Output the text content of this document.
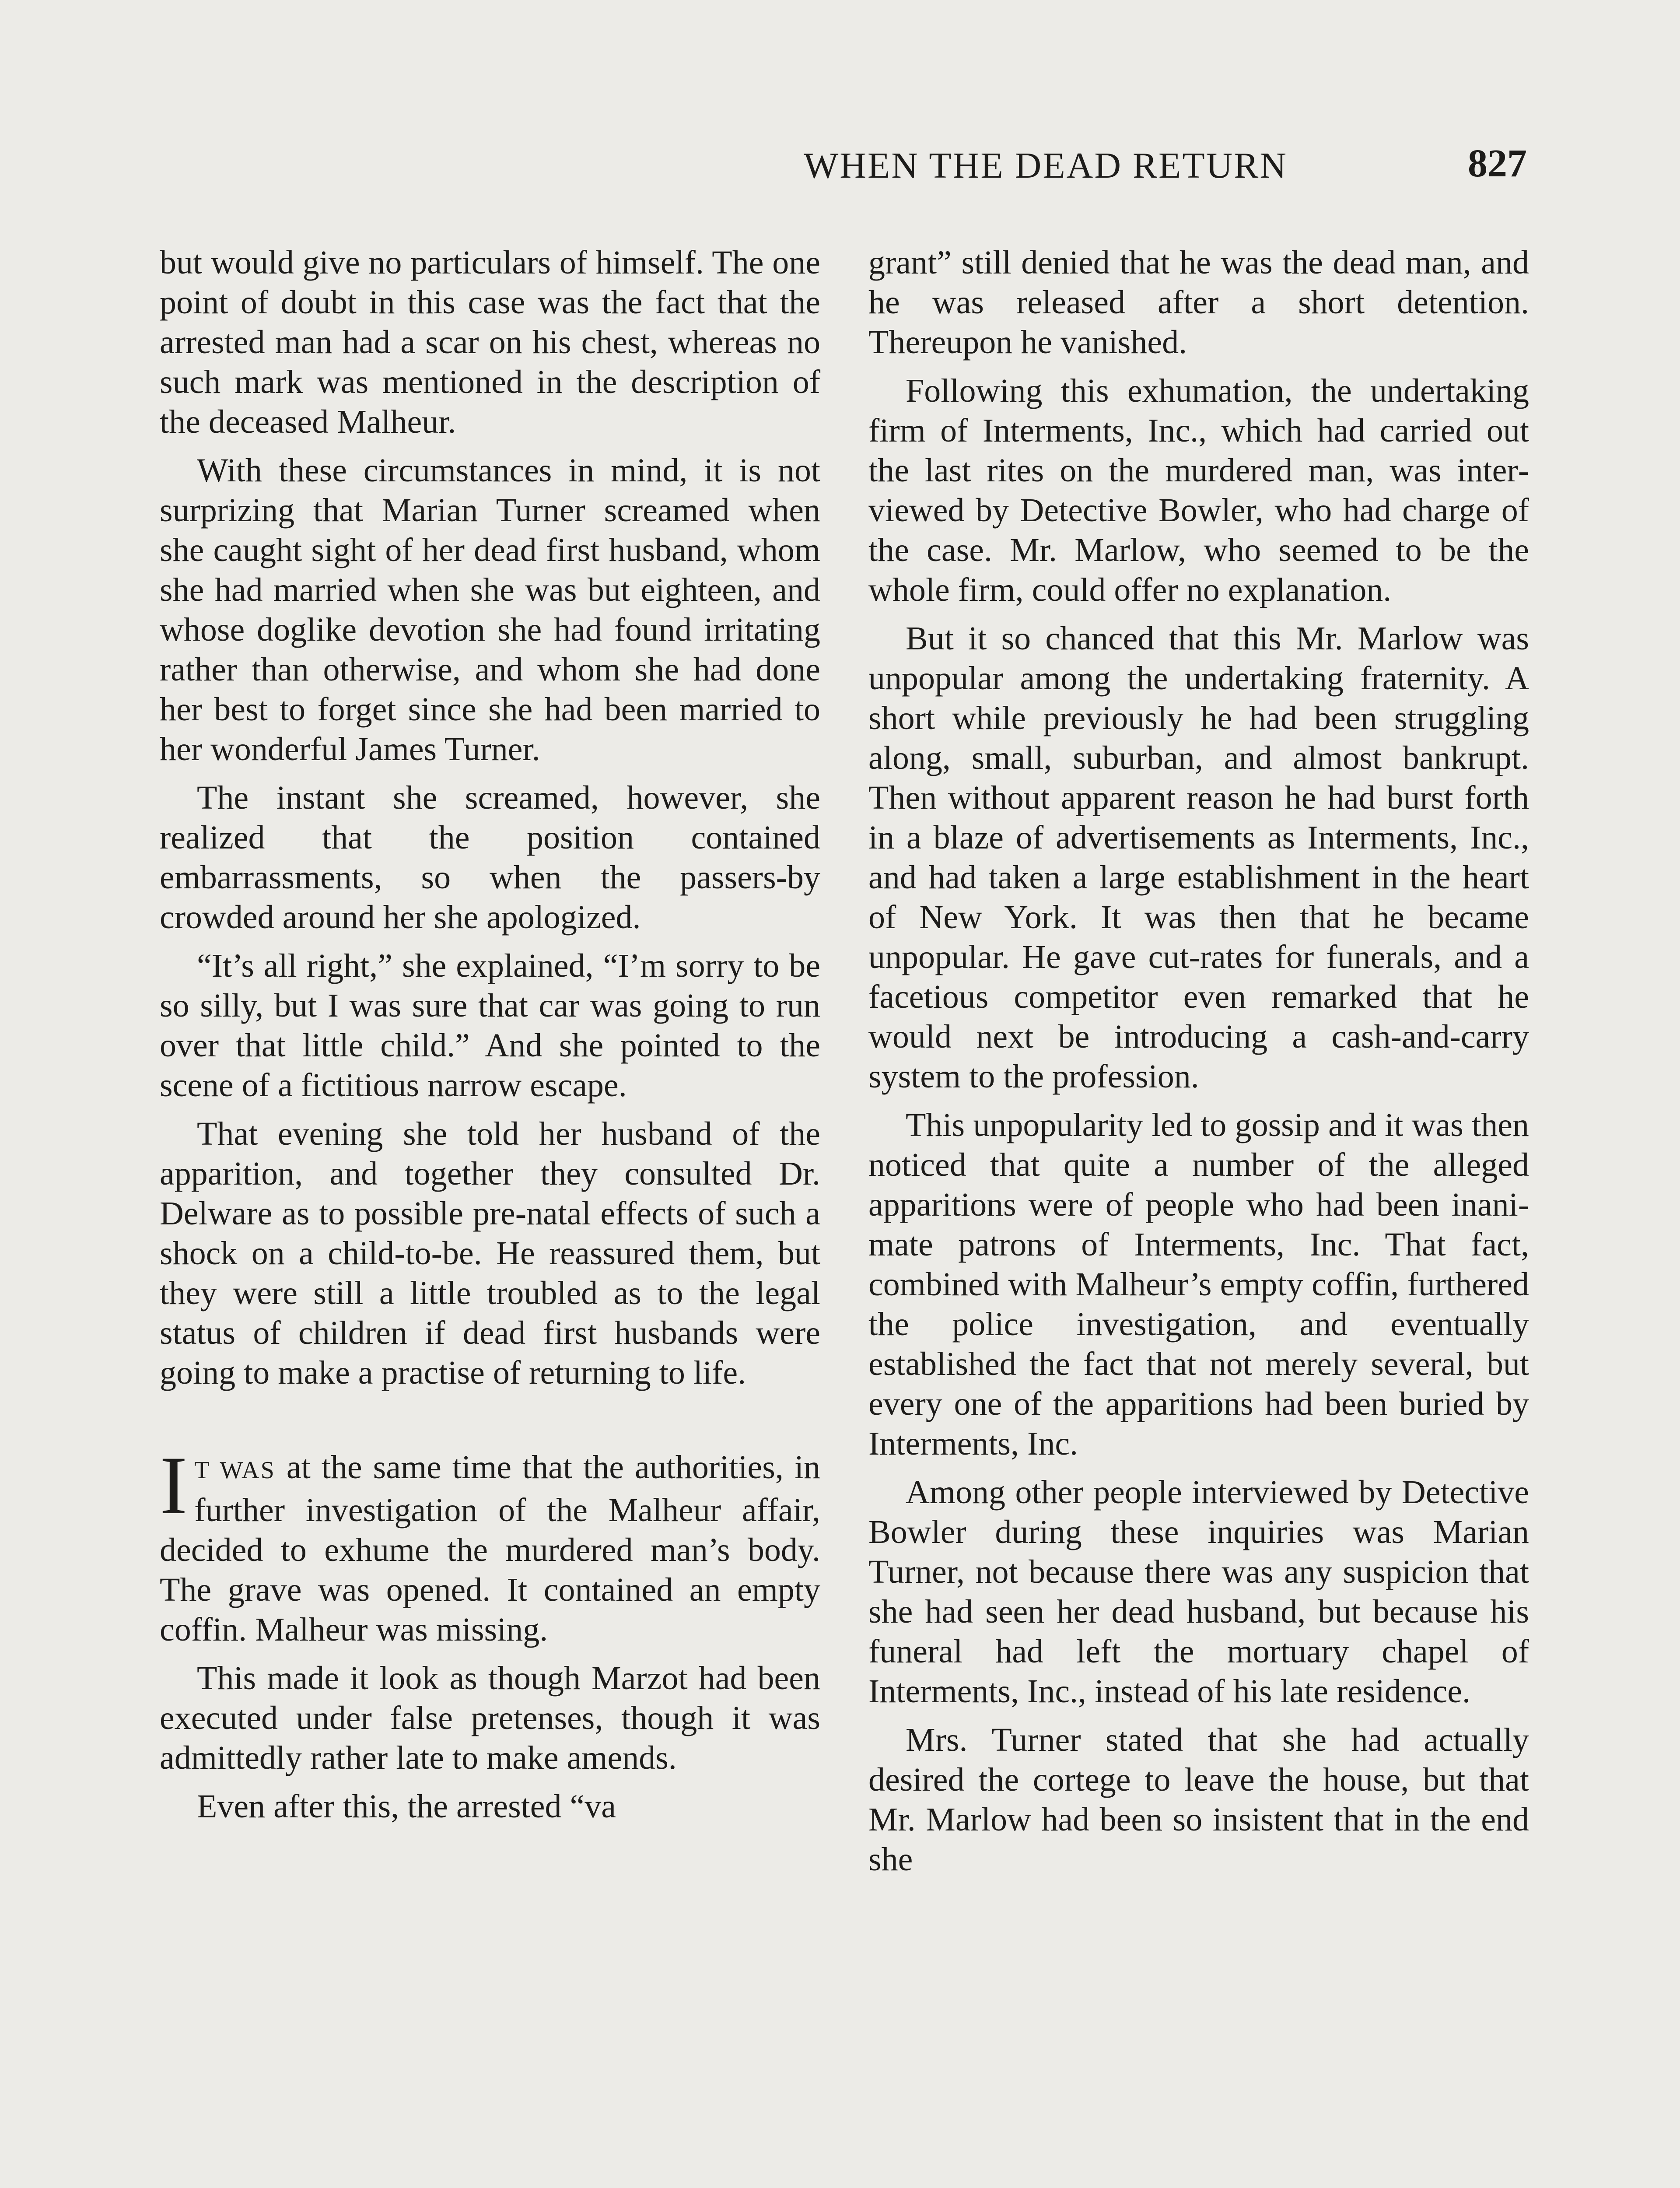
WHEN THE DEAD RETURN	827

but would give no particulars of himself. The one point of doubt in this case was the fact that the arrested man had a scar on his chest, whereas no such mark was mentioned in the description of the deceased Malheur.

With these circumstances in mind, it is not surprizing that Marian Turner screamed when she caught sight of her dead first husband, whom she had married when she was but eighteen, and whose doglike devotion she had found irritating rather than otherwise, and whom she had done her best to forget since she had been married to her wonderful James Turner.

The instant she screamed, however, she realized that the position contained embarrassments, so when the passers-by crowded around her she apologized.

“It’s all right,” she explained, “I’m sorry to be so silly, but I was sure that car was going to run over that little child.” And she pointed to the scene of a fictitious narrow escape.

That evening she told her husband of the apparition, and together they consulted Dr. Delware as to possible pre-natal effects of such a shock on a child-to-be. He reassured them, but they were still a little troubled as to the legal status of children if dead first husbands were going to make a practise of returning to life.

I T WAS at the same time that the authorities, in further investigation of the Malheur affair, decided to exhume the murdered man’s body. The grave was opened. It contained an empty coffin. Malheur was missing.

This made it look as though Marzot had been executed under false pretenses, though it was admittedly rather late to make amends.

Even after this, the arrested “va

grant” still denied that he was the dead man, and he was released after a short detention. Thereupon he vanished.

Following this exhumation, the undertaking firm of Interments, Inc., which had carried out the last rites on the murdered man, was interviewed by Detective Bowler, who had charge of the case. Mr. Marlow, who seemed to be the whole firm, could offer no explanation.

But it so chanced that this Mr. Marlow was unpopular among the undertaking fraternity. A short while previously he had been struggling along, small, suburban, and almost bankrupt. Then without apparent reason he had burst forth in a blaze of advertisements as Interments, Inc., and had taken a large establishment in the heart of New York. It was then that he became unpopular. He gave cut-rates for funerals, and a facetious competitor even remarked that he would next be introducing a cash-and-carry system to the profession.

This unpopularity led to gossip and it was then noticed that quite a number of the alleged apparitions were of people who had been inanimate patrons of Interments, Inc. That fact, combined with Malheur’s empty coffin, furthered the police investigation, and eventually established the fact that not merely several, but every one of the apparitions had been buried by Interments, Inc.

Among other people interviewed by Detective Bowler during these inquiries was Marian Turner, not because there was any suspicion that she had seen her dead husband, but because his funeral had left the mortuary chapel of Interments, Inc., instead of his late residence.

Mrs. Turner stated that she had actually desired the cortege to leave the house, but that Mr. Marlow had been so insistent that in the end she
